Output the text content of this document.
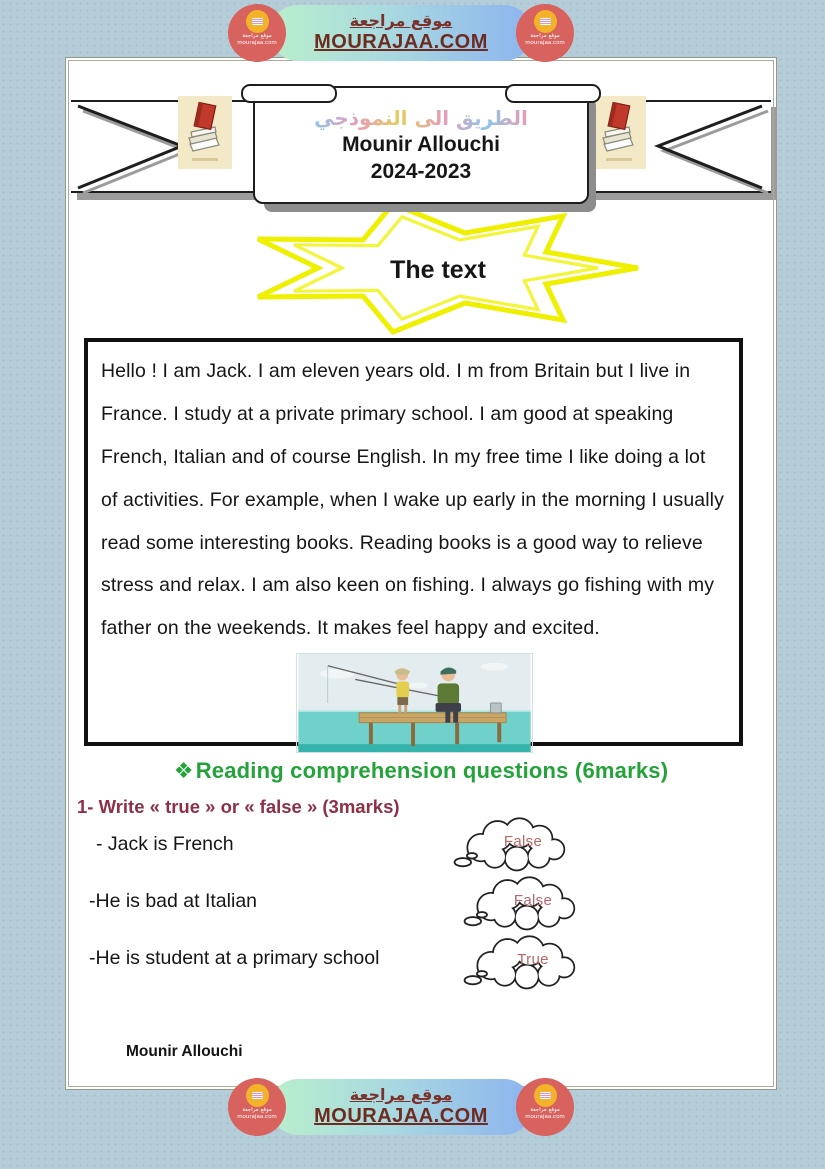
موقع مراجعة
mourajaa.com
موقع مراجعة
MOURAJAA.COM	موقع مراجعة
mourajaa.com
الطريق الى النموذجي
Mounir Allouchi
2024-2023
The text
Hello ! I am Jack. I am eleven years old. I m from Britain but I live in France. I study at a private primary school. I am good at speaking French, Italian and of course English. In my free time I like doing a lot of activities. For example, when I wake up early in the morning I usually read some interesting books. Reading books is a good way to relieve stress and relax. I am also keen on fishing. I always go fishing with my father on the weekends. It makes feel happy and excited.
❖Reading comprehension questions (6marks)
1- Write « true » or « false » (3marks)
- Jack is French	False
-He is bad at Italian	False
-He is student at a primary school	True
Mounir Allouchi
موقع مراجعة
mourajaa.com
موقع مراجعة
MOURAJAA.COM	موقع مراجعة
mourajaa.com
